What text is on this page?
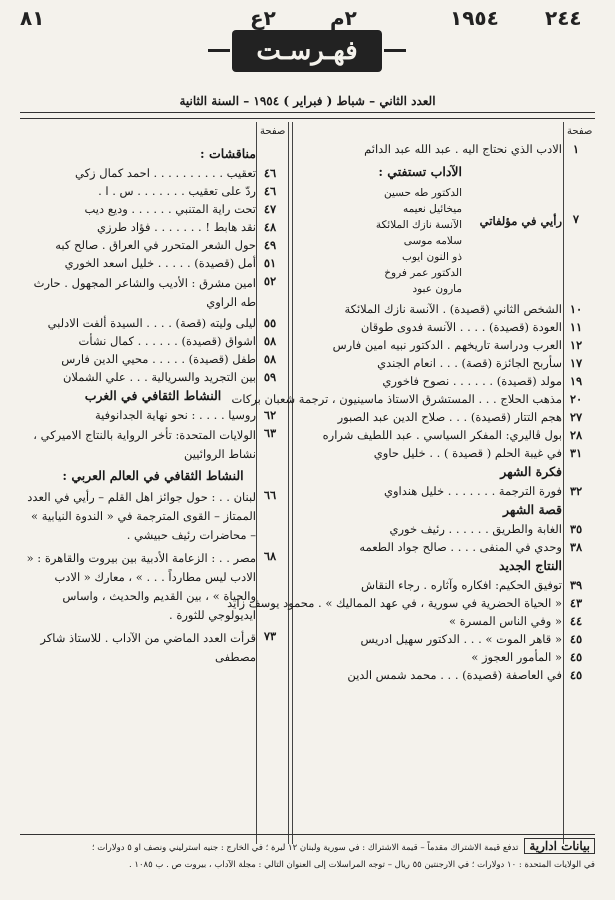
٨١	٢ع	٢م	١٩٥٤ ٢٤٤
فهـرسـت
العدد الثاني – شباط ( فبراير ) ١٩٥٤ – السنة الثانية
صفحة
صفحة
١
الادب الذي نحتاج اليه . عبد الله عبد الدائم
٧
رأيي في مؤلفاتي
الآداب تستفتي :
الدكتور طه حسين
ميخائيل نعيمه
الآنسة نازك الملائكة
سلامه موسى
ذو النون ايوب
الدكتور عمر فروخ
مارون عبود
١٠
الشخص الثاني (قصيدة) . الآنسة نازك الملائكة
١١
العودة (قصيدة) . . . . الآنسة فدوى طوقان
١٢
العرب ودراسة تاريخهم . الدكتور نبيه امين فارس
١٧
سأربح الجائزة (قصة) . . . انعام الجندي
١٩
مولد (قصيدة) . . . . . . نصوح فاخوري
٢٠
مذهب الحلاج . . . المستشرق الاستاذ ماسينيون ، ترجمة شعبان بركات
٢٧
هجم التتار (قصيدة) . . . صلاح الدين عبد الصبور
٢٨
بول ڤاليري: المفكر السياسي . عبد اللطيف شراره
٣١
في غيبة الحلم ( قصيدة ) . . خليل حاوي
فكرة الشهر
٣٢
فورة الترجمة . . . . . . . خليل هنداوي
قصة الشهر
٣٥
الغابة والطريق . . . . . . رئيف خوري
٣٨
وحدي في المنفى . . . . صالح جواد الطعمه
النتاج الجديد
٣٩
توفيق الحكيم: افكاره وآثاره . رجاء النقاش
٤٣
« الحياة الحضرية في سورية ، في عهد المماليك » . محمود يوسف زايد
٤٤
« وفي الناس المسرة »
٤٥
« قاهر الموت » . . . الدكتور سهيل ادريس
٤٥
« المأمور العجوز »
٤٥
في العاصفة (قصيدة) . . . محمد شمس الدين
مناقشات :
٤٦
تعقيب . . . . . . . . . . احمد كمال زكي
٤٦
ردّ على تعقيب . . . . . . . س . ا .
٤٧
تحت راية المتنبي . . . . . . وديع ديب
٤٨
نقد هابط ! . . . . . . . فؤاد طرزي
٤٩
حول الشعر المتحرر في العراق . صالح كبه
٥١
أمل (قصيدة) . . . . . خليل اسعد الخوري
٥٢
امين مشرق : الأديب والشاعر المجهول . حارث طه الراوي
٥٥
ليلى وليته (قصة) . . . . السيدة ألفت الادلبي
٥٨
اشواق (قصيدة) . . . . . . كمال نشأت
٥٨
طفل (قصيدة) . . . . . محيي الدين فارس
٥٩
بين التجريد والسريالية . . . علي الشملان
النشاط الثقافي في الغرب
٦٢
روسيا . . . . : نحو نهاية الجدانوفية
٦٣
الولايات المتحدة: تأخر الرواية بالنتاج الاميركي ، نشاط الروائيين
النشاط الثقافي في العالم العربي :
٦٦
لبنان . . : حول جوائز اهل القلم – رأيي في العدد الممتاز – القوى المترجمة في « الندوة النيابية » – محاضرات رئيف حبيشي .
٦٨
مصر . . : الزعامة الأدبية بين بيروت والقاهرة : « الادب ليس مطارداً . . . » ، معارك « الادب والحياة » ، بين القديم والحديث ، واساس ايديولوجي للثورة .
٧٣
قرأت العدد الماضي من الآداب . للاستاذ شاكر مصطفى
بيانات اداريةتدفع قيمة الاشتراك مقدماً – قيمة الاشتراك : في سورية ولبنان ١٢ ليرة ؛ في الخارج : جنيه استرليني ونصف او ٥ دولارات ؛
في الولايات المتحدة : ١٠ دولارات ؛ في الارجنتين ٥٥ ريال – توجه المراسلات إلى العنوان التالي : مجلة الآداب ، بيروت ص . ب ١٠٨٥ .
